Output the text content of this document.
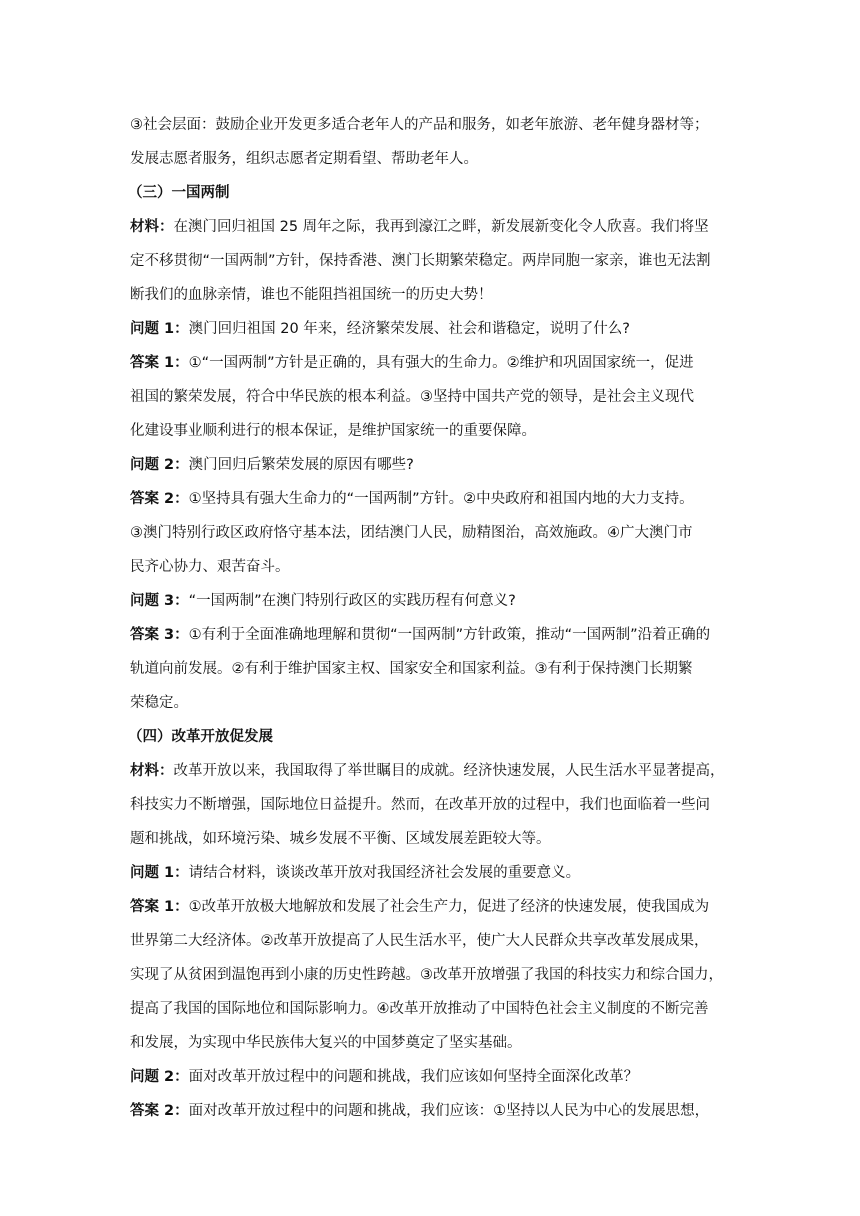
③社会层面：鼓励企业开发更多适合老年人的产品和服务，如老年旅游、老年健身器材等；

发展志愿者服务，组织志愿者定期看望、帮助老年人。

（三）一国两制

材料：在澳门回归祖国 25 周年之际，我再到濠江之畔，新发展新变化令人欣喜。我们将坚

定不移贯彻“一国两制”方针，保持香港、澳门长期繁荣稳定。两岸同胞一家亲，谁也无法割

断我们的血脉亲情，谁也不能阻挡祖国统一的历史大势！

问题 1：澳门回归祖国 20 年来，经济繁荣发展、社会和谐稳定，说明了什么?

答案 1：①“一国两制”方针是正确的，具有强大的生命力。②维护和巩固国家统一，促进

祖国的繁荣发展，符合中华民族的根本利益。③坚持中国共产党的领导，是社会主义现代

化建设事业顺利进行的根本保证，是维护国家统一的重要保障。

问题 2：澳门回归后繁荣发展的原因有哪些?

答案 2：①坚持具有强大生命力的“一国两制”方针。②中央政府和祖国内地的大力支持。

③澳门特别行政区政府恪守基本法，团结澳门人民，励精图治，高效施政。④广大澳门市

民齐心协力、艰苦奋斗。

问题 3：“一国两制”在澳门特别行政区的实践历程有何意义?

答案 3：①有利于全面准确地理解和贯彻“一国两制”方针政策，推动“一国两制”沿着正确的

轨道向前发展。②有利于维护国家主权、国家安全和国家利益。③有利于保持澳门长期繁

荣稳定。

（四）改革开放促发展

材料：改革开放以来，我国取得了举世瞩目的成就。经济快速发展，人民生活水平显著提高，

科技实力不断增强，国际地位日益提升。然而，在改革开放的过程中，我们也面临着一些问

题和挑战，如环境污染、城乡发展不平衡、区域发展差距较大等。

问题 1：请结合材料，谈谈改革开放对我国经济社会发展的重要意义。

答案 1：①改革开放极大地解放和发展了社会生产力，促进了经济的快速发展，使我国成为

世界第二大经济体。②改革开放提高了人民生活水平，使广大人民群众共享改革发展成果，

实现了从贫困到温饱再到小康的历史性跨越。③改革开放增强了我国的科技实力和综合国力，

提高了我国的国际地位和国际影响力。④改革开放推动了中国特色社会主义制度的不断完善

和发展，为实现中华民族伟大复兴的中国梦奠定了坚实基础。

问题 2：面对改革开放过程中的问题和挑战，我们应该如何坚持全面深化改革？

答案 2：面对改革开放过程中的问题和挑战，我们应该：①坚持以人民为中心的发展思想，
